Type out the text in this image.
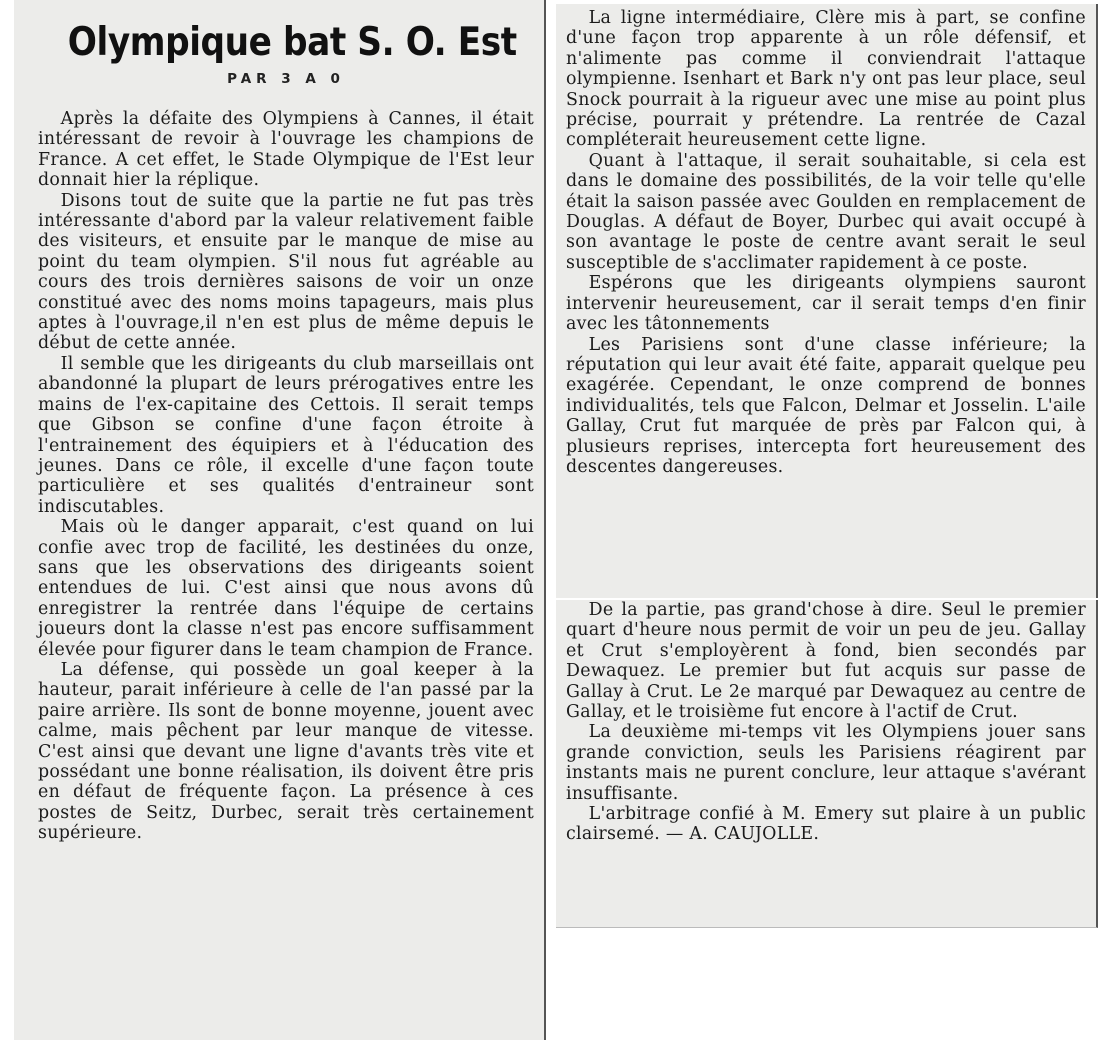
Olympique bat S. O. Est
PAR 3 A 0

Après la défaite des Olympiens à Cannes, il était intéressant de revoir à l'ouvrage les champions de France. A cet effet, le Stade Olympique de l'Est leur donnait hier la réplique.

Disons tout de suite que la partie ne fut pas très intéressante d'abord par la valeur relativement faible des visiteurs, et ensuite par le manque de mise au point du team olympien. S'il nous fut agréable au cours des trois dernières saisons de voir un onze constitué avec des noms moins tapageurs, mais plus aptes à l'ouvrage,il n'en est plus de même depuis le début de cette année.

Il semble que les dirigeants du club marseillais ont abandonné la plupart de leurs prérogatives entre les mains de l'ex-capitaine des Cettois. Il serait temps que Gibson se confine d'une façon étroite à l'entrainement des équipiers et à l'éducation des jeunes. Dans ce rôle, il excelle d'une façon toute particulière et ses qualités d'entraineur sont indiscutables.

Mais où le danger apparait, c'est quand on lui confie avec trop de facilité, les destinées du onze, sans que les observations des dirigeants soient entendues de lui. C'est ainsi que nous avons dû enregistrer la rentrée dans l'équipe de certains joueurs dont la classe n'est pas encore suffisamment élevée pour figurer dans le team champion de France.

La défense, qui possède un goal keeper à la hauteur, parait inférieure à celle de l'an passé par la paire arrière. Ils sont de bonne moyenne, jouent avec calme, mais pêchent par leur manque de vitesse. C'est ainsi que devant une ligne d'avants très vite et possédant une bonne réalisation, ils doivent être pris en défaut de fréquente façon. La présence à ces postes de Seitz, Durbec, serait très certainement supérieure.

La ligne intermédiaire, Clère mis à part, se confine d'une façon trop apparente à un rôle défensif, et n'alimente pas comme il conviendrait l'attaque olympienne. Isenhart et Bark n'y ont pas leur place, seul Snock pourrait à la rigueur avec une mise au point plus précise, pourrait y prétendre. La rentrée de Cazal compléterait heureusement cette ligne.

Quant à l'attaque, il serait souhaitable, si cela est dans le domaine des possibilités, de la voir telle qu'elle était la saison passée avec Goulden en remplacement de Douglas. A défaut de Boyer, Durbec qui avait occupé à son avantage le poste de centre avant serait le seul susceptible de s'acclimater rapidement à ce poste.

Espérons que les dirigeants olympiens sauront intervenir heureusement, car il serait temps d'en finir avec les tâtonnements

Les Parisiens sont d'une classe inférieure; la réputation qui leur avait été faite, apparait quelque peu exagérée. Cependant, le onze comprend de bonnes individualités, tels que Falcon, Delmar et Josselin. L'aile Gallay, Crut fut marquée de près par Falcon qui, à plusieurs reprises, intercepta fort heureusement des descentes dangereuses.

De la partie, pas grand'chose à dire. Seul le premier quart d'heure nous permit de voir un peu de jeu. Gallay et Crut s'employèrent à fond, bien secondés par Dewaquez. Le premier but fut acquis sur passe de Gallay à Crut. Le 2e marqué par Dewaquez au centre de Gallay, et le troisième fut encore à l'actif de Crut.

La deuxième mi-temps vit les Olympiens jouer sans grande conviction, seuls les Parisiens réagirent par instants mais ne purent conclure, leur attaque s'avérant insuffisante.

L'arbitrage confié à M. Emery sut plaire à un public clairsemé. — A. CAUJOLLE.
